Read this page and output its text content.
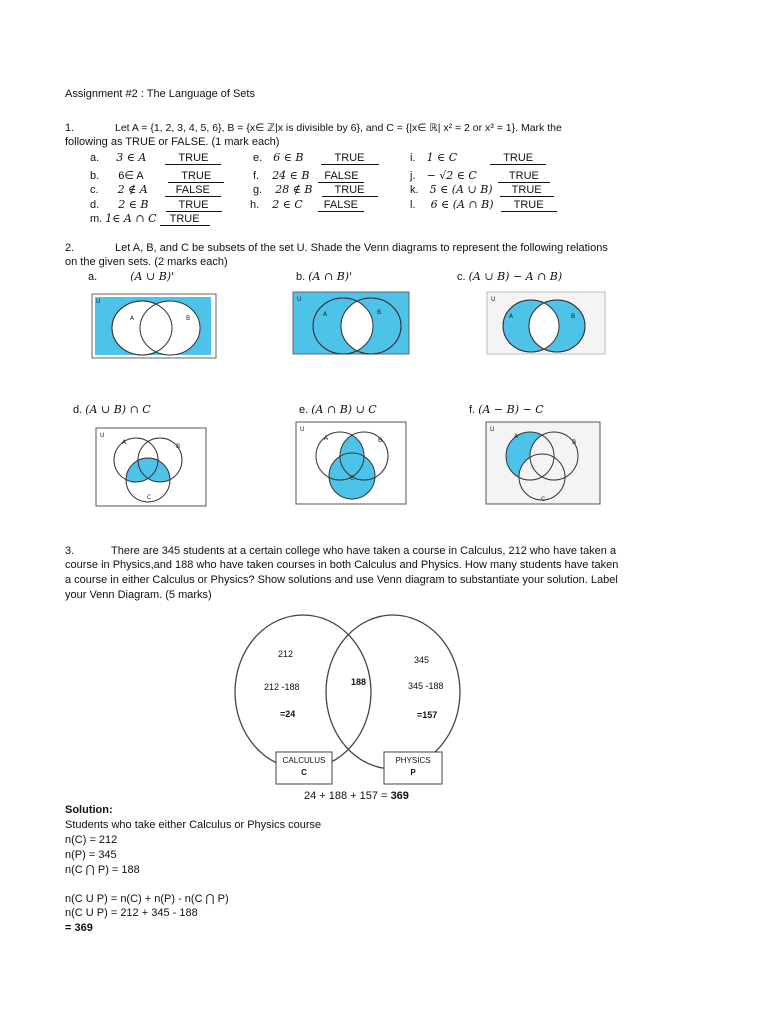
Assignment #2 : The Language of Sets
1.	Let A = {1, 2, 3, 4, 5, 6}, B = {x∈ ℤ|x is divisible by 6}, and C = {|x∈ ℝ| x² = 2 or x³ = 1}. Mark the
following as TRUE or FALSE. (1 mark each)
a. 3 ∈ A	TRUE
b. 6∈ A	TRUE
c. 2 ∉ A	FALSE
d. 2 ∈ B	TRUE
m. 1∈ A ∩ C TRUE
e. 6 ∈ B	TRUE
f. 24 ∈ B FALSE
g. 28 ∉ B TRUE
h. 2 ∈ C FALSE
i. 1 ∈ C	TRUE
j. − √2 ∈ C	TRUE
k. 5 ∈ (A ∪ B) TRUE
l. 6 ∈ (A ∩ B) TRUE
2.	Let A, B, and C be subsets of the set U. Shade the Venn diagrams to represent the following relations
on the given sets. (2 marks each)
a.	(A ∪ B)'	b. (A ∩ B)'	c. (A ∪ B) − A ∩ B)
U
A	B
U
A	B
U
A	B
d. (A ∪ B) ∩ C	e. (A ∩ B) ∪ C	f. (A − B) − C
U
A
B
C
U
A	B
C
U
A
B
C
3.	There are 345 students at a certain college who have taken a course in Calculus, 212 who have taken a
course in Physics,and 188 who have taken courses in both Calculus and Physics. How many students have taken
a course in either Calculus or Physics? Show solutions and use Venn diagram to substantiate your solution. Label
your Venn Diagram. (5 marks)
212
212 -188
=24
188
345
345 -188
=157
CALCULUS
C
PHYSICS
P
24 + 188 + 157 = 369
Solution:
Students who take either Calculus or Physics course
n(C) = 212
n(P) = 345
n(C ⋂ P) = 188
n(C U P) = n(C) + n(P) - n(C ⋂ P)
n(C U P) = 212 + 345 - 188
= 369
